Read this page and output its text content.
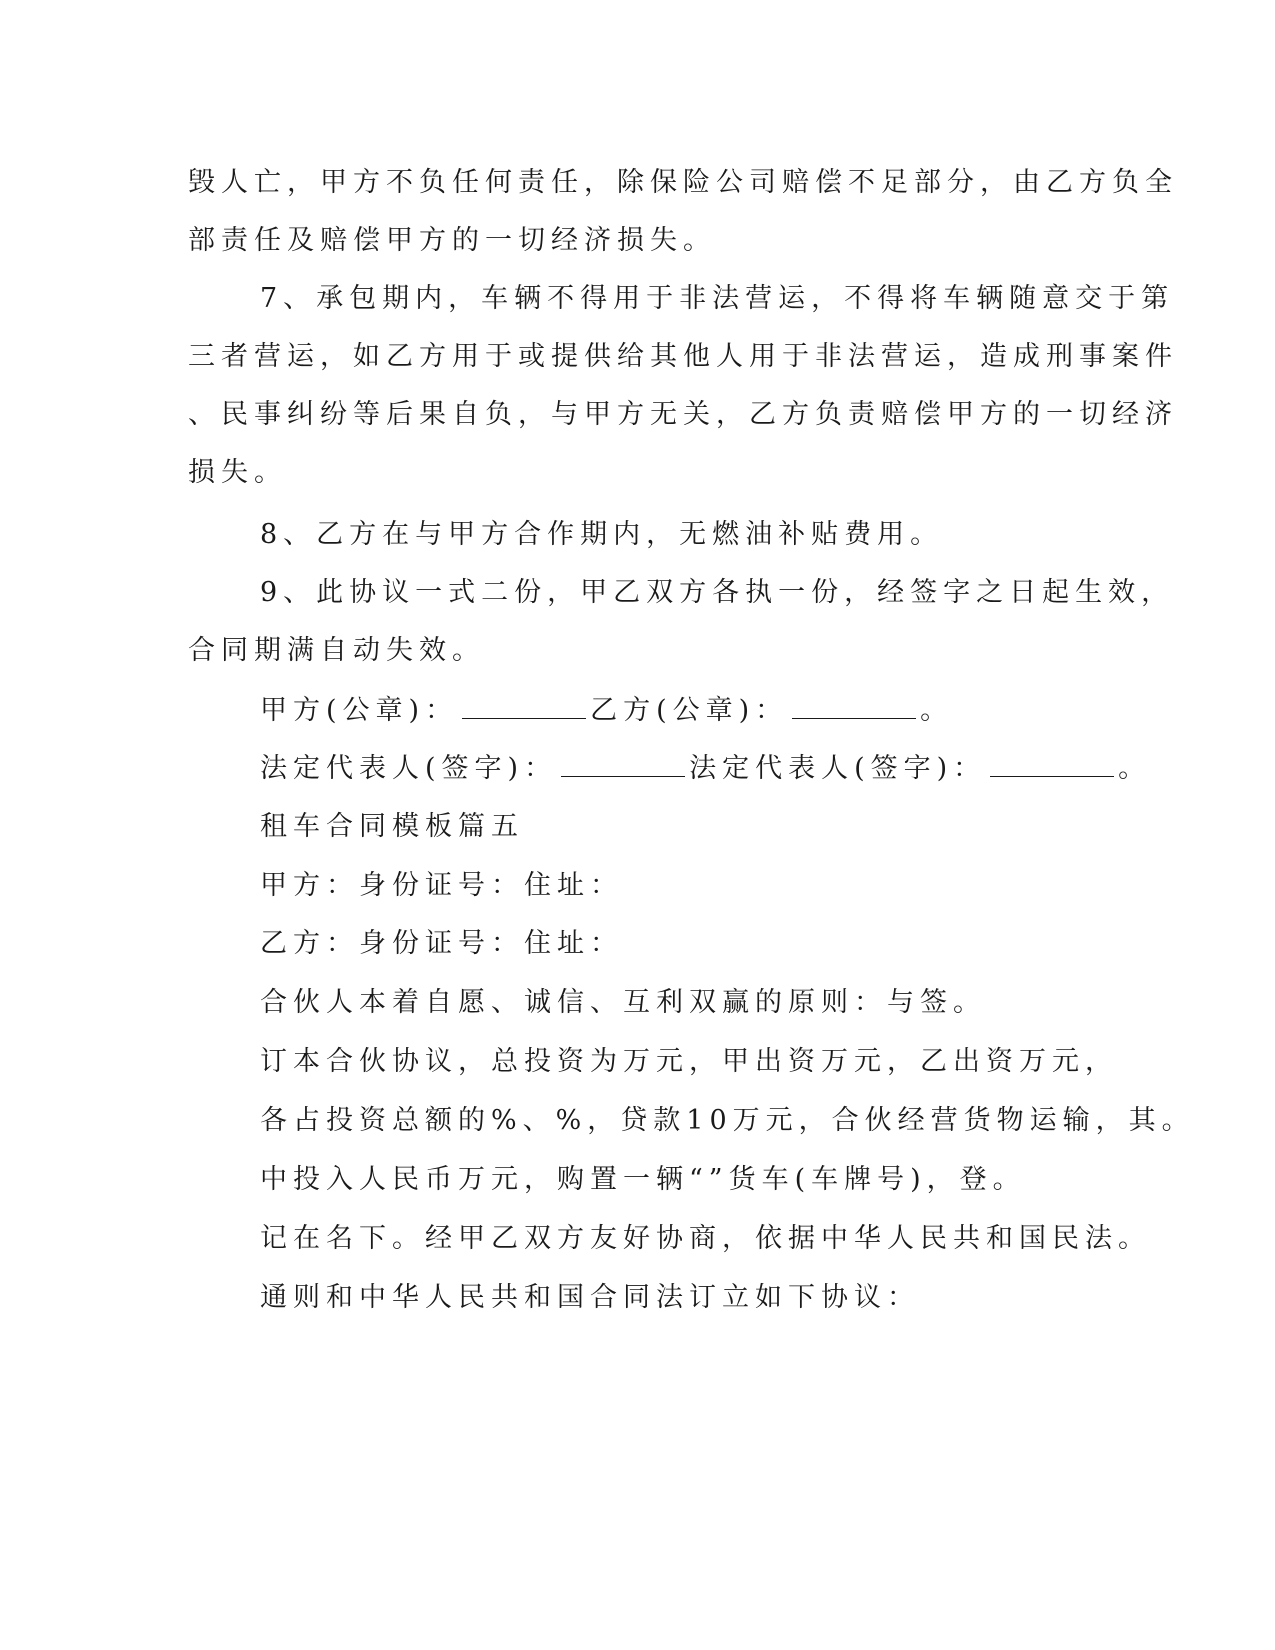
毁人亡，甲方不负任何责任，除保险公司赔偿不足部分，由乙方负全
部责任及赔偿甲方的一切经济损失。
7、承包期内，车辆不得用于非法营运，不得将车辆随意交于第
三者营运，如乙方用于或提供给其他人用于非法营运，造成刑事案件
、民事纠纷等后果自负，与甲方无关，乙方负责赔偿甲方的一切经济
损失。
8、乙方在与甲方合作期内，无燃油补贴费用。
9、此协议一式二份，甲乙双方各执一份，经签字之日起生效，
合同期满自动失效。
甲方(公章)：	乙方(公章)：	。
法定代表人(签字)：	法定代表人(签字)：	。
租车合同模板篇五
甲方：身份证号：住址：
乙方：身份证号：住址：
合伙人本着自愿、诚信、互利双赢的原则：与签。
订本合伙协议，总投资为万元，甲出资万元，乙出资万元，
各占投资总额的%、%，贷款10万元，合伙经营货物运输，其。
中投入人民币万元，购置一辆“”货车(车牌号)，登。
记在名下。经甲乙双方友好协商，依据中华人民共和国民法。
通则和中华人民共和国合同法订立如下协议：
